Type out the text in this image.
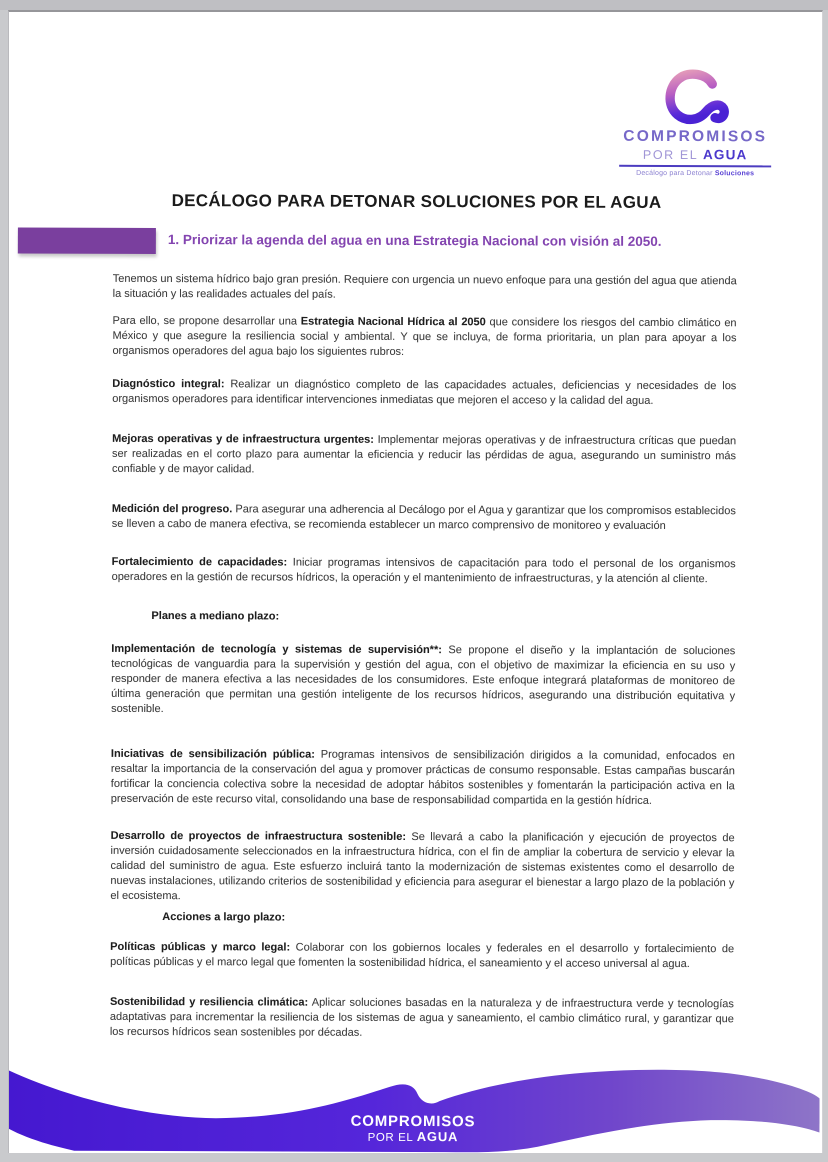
COMPROMISOS
POR EL AGUA
Decálogo para Detonar Soluciones
DECÁLOGO PARA DETONAR SOLUCIONES POR EL AGUA
1. Priorizar la agenda del agua en una Estrategia Nacional con visión al 2050.

Tenemos un sistema hídrico bajo gran presión. Requiere con urgencia un nuevo enfoque para una gestión del agua que atienda la situación y las realidades actuales del país.

Para ello, se propone desarrollar una Estrategia Nacional Hídrica al 2050 que considere los riesgos del cambio climático en México y que asegure la resiliencia social y ambiental. Y que se incluya, de forma prioritaria, un plan para apoyar a los organismos operadores del agua bajo los siguientes rubros:

Diagnóstico integral: Realizar un diagnóstico completo de las capacidades actuales, deficiencias y necesidades de los organismos operadores para identificar intervenciones inmediatas que mejoren el acceso y la calidad del agua.

Mejoras operativas y de infraestructura urgentes: Implementar mejoras operativas y de infraestructura críticas que puedan ser realizadas en el corto plazo para aumentar la eficiencia y reducir las pérdidas de agua, asegurando un suministro más confiable y de mayor calidad.

Medición del progreso. Para asegurar una adherencia al Decálogo por el Agua y garantizar que los compromisos establecidos se lleven a cabo de manera efectiva, se recomienda establecer un marco comprensivo de monitoreo y evaluación

Fortalecimiento de capacidades: Iniciar programas intensivos de capacitación para todo el personal de los organismos operadores en la gestión de recursos hídricos, la operación y el mantenimiento de infraestructuras, y la atención al cliente.

Planes a mediano plazo:

Implementación de tecnología y sistemas de supervisión**: Se propone el diseño y la implantación de soluciones tecnológicas de vanguardia para la supervisión y gestión del agua, con el objetivo de maximizar la eficiencia en su uso y responder de manera efectiva a las necesidades de los consumidores. Este enfoque integrará plataformas de monitoreo de última generación que permitan una gestión inteligente de los recursos hídricos, asegurando una distribución equitativa y sostenible.

Iniciativas de sensibilización pública: Programas intensivos de sensibilización dirigidos a la comunidad, enfocados en resaltar la importancia de la conservación del agua y promover prácticas de consumo responsable. Estas campañas buscarán fortificar la conciencia colectiva sobre la necesidad de adoptar hábitos sostenibles y fomentarán la participación activa en la preservación de este recurso vital, consolidando una base de responsabilidad compartida en la gestión hídrica.

Desarrollo de proyectos de infraestructura sostenible: Se llevará a cabo la planificación y ejecución de proyectos de inversión cuidadosamente seleccionados en la infraestructura hídrica, con el fin de ampliar la cobertura de servicio y elevar la calidad del suministro de agua. Este esfuerzo incluirá tanto la modernización de sistemas existentes como el desarrollo de nuevas instalaciones, utilizando criterios de sostenibilidad y eficiencia para asegurar el bienestar a largo plazo de la población y el ecosistema.

Acciones a largo plazo:

Políticas públicas y marco legal: Colaborar con los gobiernos locales y federales en el desarrollo y fortalecimiento de políticas públicas y el marco legal que fomenten la sostenibilidad hídrica, el saneamiento y el acceso universal al agua.

Sostenibilidad y resiliencia climática: Aplicar soluciones basadas en la naturaleza y de infraestructura verde y tecnologías adaptativas para incrementar la resiliencia de los sistemas de agua y saneamiento, el cambio climático rural, y garantizar que los recursos hídricos sean sostenibles por décadas.

COMPROMISOS
POR EL AGUA
